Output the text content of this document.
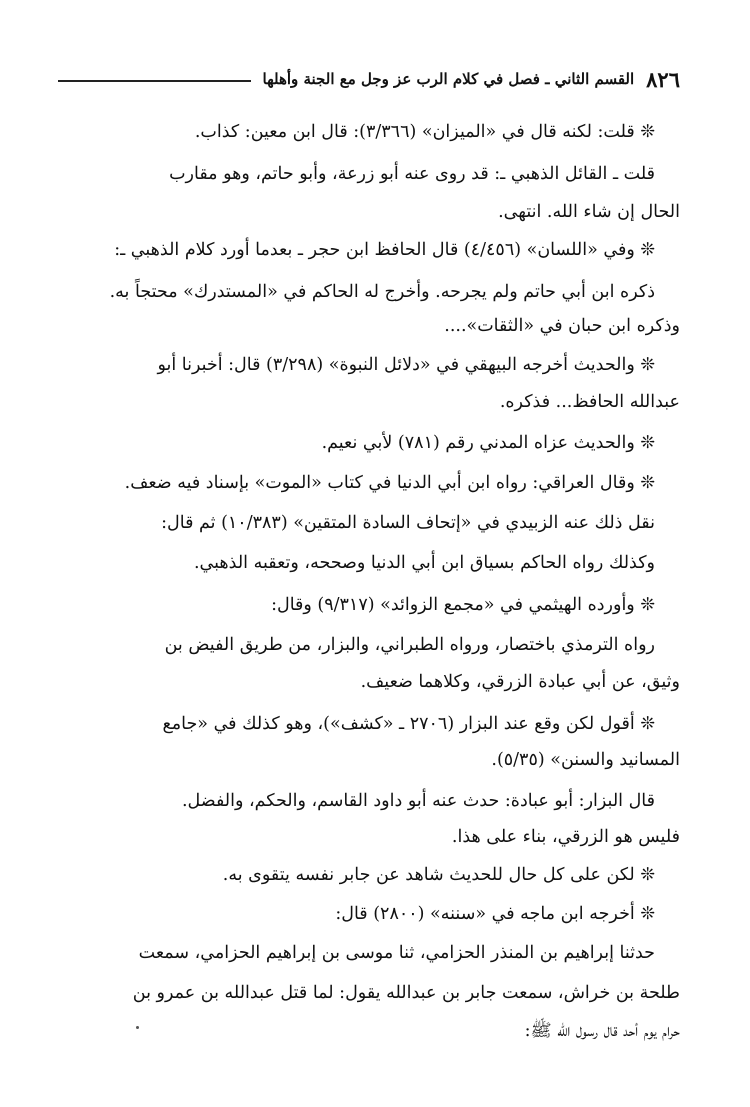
٨٢٦
القسم الثاني ـ فصل في كلام الرب عز وجل مع الجنة وأهلها
❊ قلت: لكنه قال في «الميزان» (٣/٣٦٦): قال ابن معين: كذاب.
قلت ـ القائل الذهبي ـ: قد روى عنه أبو زرعة، وأبو حاتم، وهو مقارب
الحال إن شاء الله. انتهى.
❊ وفي «اللسان» (٤/٤٥٦) قال الحافظ ابن حجر ـ بعدما أورد كلام الذهبي ـ:
ذكره ابن أبي حاتم ولم يجرحه. وأخرج له الحاكم في «المستدرك» محتجاً به.
وذكره ابن حبان في «الثقات»....
❊ والحديث أخرجه البيهقي في «دلائل النبوة» (٣/٢٩٨) قال: أخبرنا أبو
عبدالله الحافظ... فذكره.
❊ والحديث عزاه المدني رقم (٧٨١) لأبي نعيم.
❊ وقال العراقي: رواه ابن أبي الدنيا في كتاب «الموت» بإسناد فيه ضعف.
نقل ذلك عنه الزبيدي في «إتحاف السادة المتقين» (١٠/٣٨٣) ثم قال:
وكذلك رواه الحاكم بسياق ابن أبي الدنيا وصححه، وتعقبه الذهبي.
❊ وأورده الهيثمي في «مجمع الزوائد» (٩/٣١٧) وقال:
رواه الترمذي باختصار، ورواه الطبراني، والبزار، من طريق الفيض بن
وثيق، عن أبي عبادة الزرقي، وكلاهما ضعيف.
❊ أقول لكن وقع عند البزار (٢٧٠٦ ـ «كشف»)، وهو كذلك في «جامع
المسانيد والسنن» (٥/٣٥).
قال البزار: أبو عبادة: حدث عنه أبو داود القاسم، والحكم، والفضل.
فليس هو الزرقي، بناء على هذا.
❊ لكن على كل حال للحديث شاهد عن جابر نفسه يتقوى به.
❊ أخرجه ابن ماجه في «سننه» (٢٨٠٠) قال:
حدثنا إبراهيم بن المنذر الحزامي، ثنا موسى بن إبراهيم الحزامي، سمعت
طلحة بن خراش، سمعت جابر بن عبدالله يقول: لما قتل عبدالله بن عمرو بن
حرام يوم أحد قال رسول الله ﷺ:
